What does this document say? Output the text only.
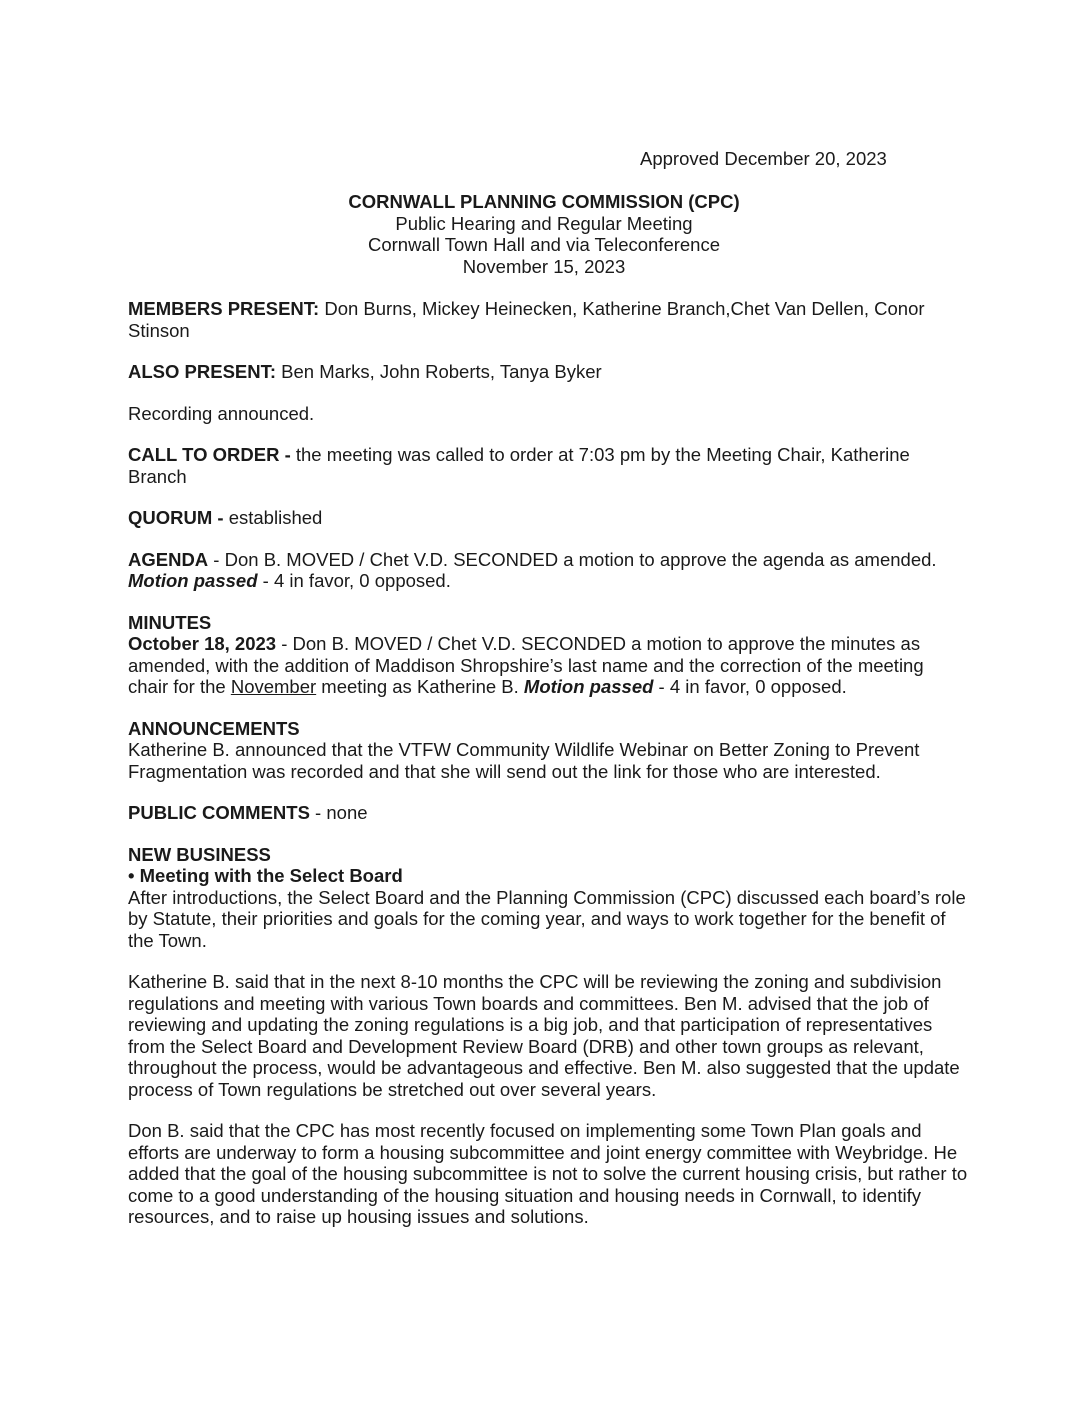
Approved December 20, 2023
CORNWALL PLANNING COMMISSION (CPC)
Public Hearing and Regular Meeting
Cornwall Town Hall and via Teleconference
November 15, 2023

MEMBERS PRESENT: Don Burns, Mickey Heinecken, Katherine Branch,Chet Van Dellen, Conor Stinson

ALSO PRESENT: Ben Marks, John Roberts, Tanya Byker

Recording announced.

CALL TO ORDER - the meeting was called to order at 7:03 pm by the Meeting Chair, Katherine Branch

QUORUM - established

AGENDA - Don B. MOVED / Chet V.D. SECONDED a motion to approve the agenda as amended. Motion passed - 4 in favor, 0 opposed.

MINUTES
October 18, 2023 - Don B. MOVED / Chet V.D. SECONDED a motion to approve the minutes as amended, with the addition of Maddison Shropshire’s last name and the correction of the meeting chair for the November meeting as Katherine B. Motion passed - 4 in favor, 0 opposed.
ANNOUNCEMENTS
Katherine B. announced that the VTFW Community Wildlife Webinar on Better Zoning to Prevent Fragmentation was recorded and that she will send out the link for those who are interested.

PUBLIC COMMENTS - none

NEW BUSINESS
• Meeting with the Select Board

After introductions, the Select Board and the Planning Commission (CPC) discussed each board’s role by Statute, their priorities and goals for the coming year, and ways to work together for the benefit of the Town.

Katherine B. said that in the next 8-10 months the CPC will be reviewing the zoning and subdivision regulations and meeting with various Town boards and committees. Ben M. advised that the job of reviewing and updating the zoning regulations is a big job, and that participation of representatives from the Select Board and Development Review Board (DRB) and other town groups as relevant, throughout the process, would be advantageous and effective. Ben M. also suggested that the update process of Town regulations be stretched out over several years.

Don B. said that the CPC has most recently focused on implementing some Town Plan goals and efforts are underway to form a housing subcommittee and joint energy committee with Weybridge. He added that the goal of the housing subcommittee is not to solve the current housing crisis, but rather to come to a good understanding of the housing situation and housing needs in Cornwall, to identify resources, and to raise up housing issues and solutions.
